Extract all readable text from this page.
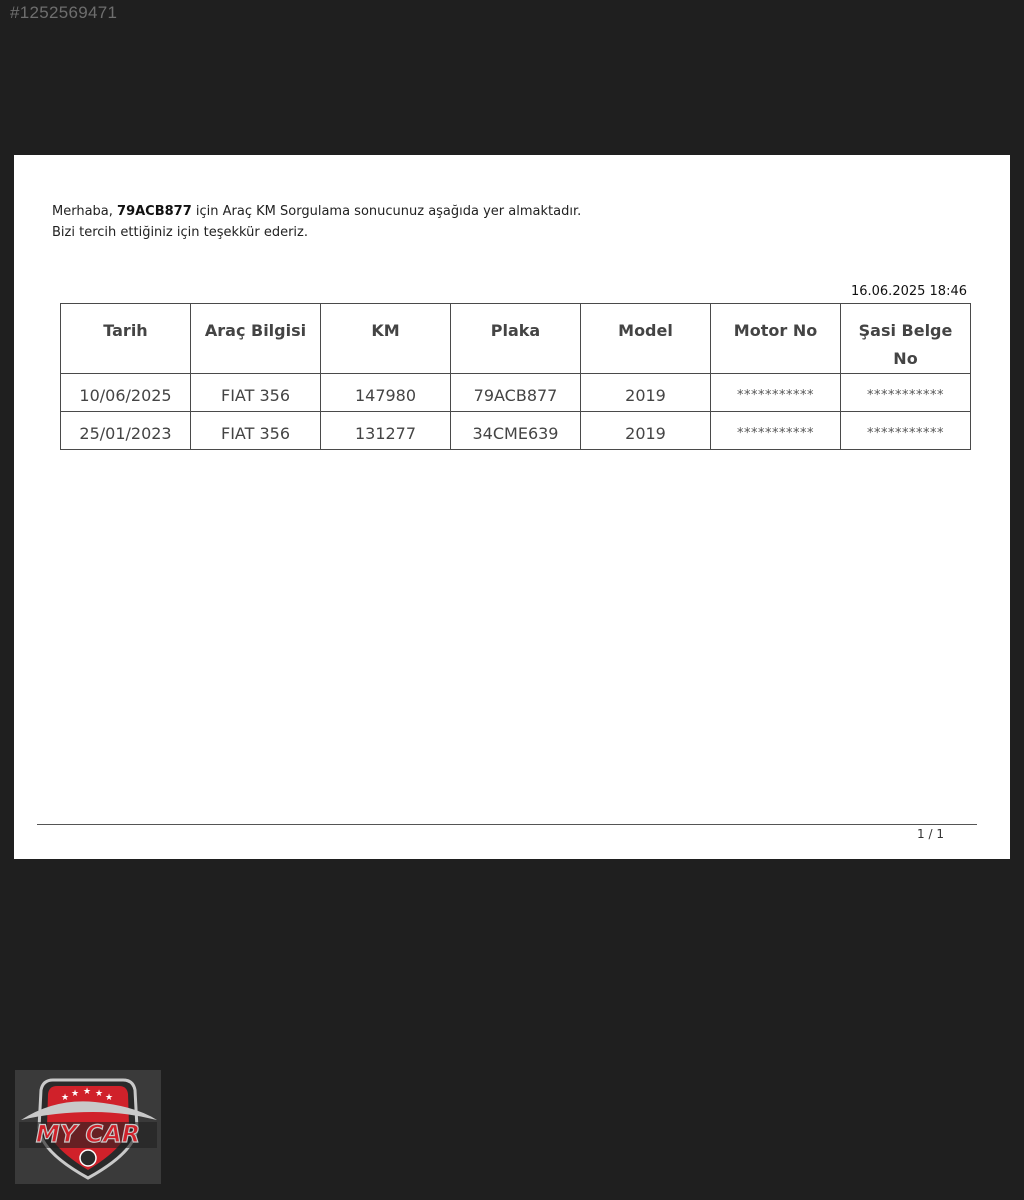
#1252569471
Merhaba, 79ACB877 için Araç KM Sorgulama sonucunuz aşağıda yer almaktadır.
Bizi tercih ettiğiniz için teşekkür ederiz.
16.06.2025 18:46
Tarih	Araç Bilgisi	KM	Plaka	Model	Motor No	Şasi Belge No
10/06/2025	FIAT 356	147980	79ACB877	2019	***********	***********
25/01/2023	FIAT 356	131277	34CME639	2019	***********	***********
1 / 1
★ ★ ★ ★ ★
MY CAR
